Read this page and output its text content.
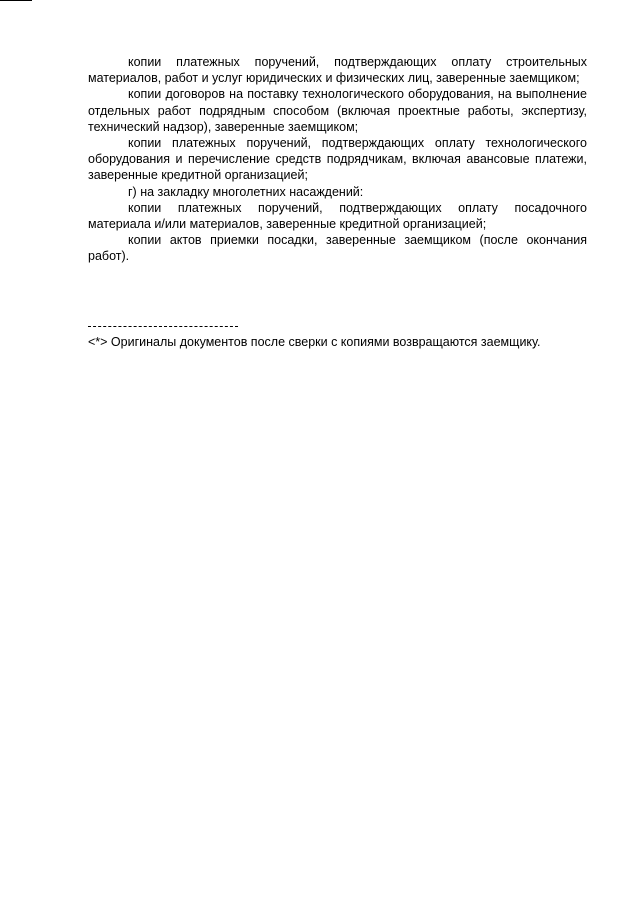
копии платежных поручений, подтверждающих оплату строительных материалов, работ и услуг юридических и физических лиц, заверенные заемщиком;

копии договоров на поставку технологического оборудования, на выполнение отдельных работ подрядным способом (включая проектные работы, экспертизу, технический надзор), заверенные заемщиком;

копии платежных поручений, подтверждающих оплату технологического оборудования и перечисление средств подрядчикам, включая авансовые платежи, заверенные кредитной организацией;

г) на закладку многолетних насаждений:

копии платежных поручений, подтверждающих оплату посадочного материала и/или материалов, заверенные кредитной организацией;

копии актов приемки посадки, заверенные заемщиком (после окончания работ).

<*> Оригиналы документов после сверки с копиями возвращаются заемщику.
